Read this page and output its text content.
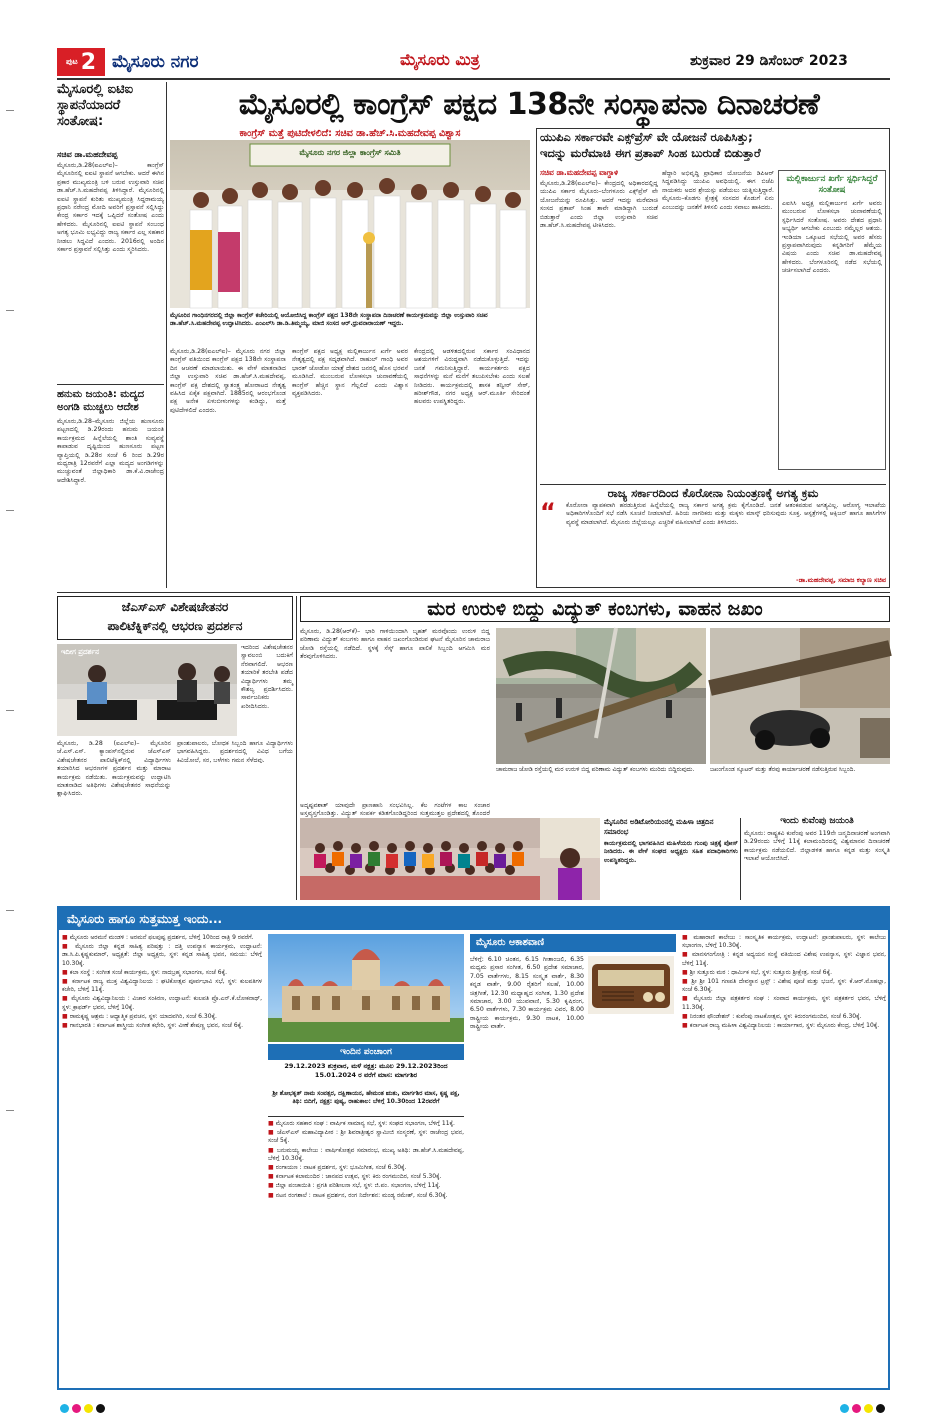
ಪುಟ 2 ಮೈಸೂರು ನಗರ	ಮೈಸೂರು ಮಿತ್ರ	ಶುಕ್ರವಾರ 29 ಡಿಸೆಂಬರ್ 2023
ಮೈಸೂರಲ್ಲಿ ಐಟಿಐ ಸ್ಥಾಪನೆಯಾದರೆ ಸಂತೋಷ:
ಸಚಿವ ಡಾ.ಮಹದೇವಪ್ಪ
ಮೈಸೂರು,ಡಿ.28(ಐಎಲ್‌ಐ)– ಕಾಂಗ್ರೆಸ್ ಮೈಸೂರಿನಲ್ಲಿ ಐಐಟಿ ಸ್ಥಾಪನೆ ಆಗಬೇಕು. ಆದರೆ ಈಗಿನ ಪ್ರಕಾರ ಮುಖ್ಯಮಂತ್ರಿ ಬಳಿ ಬರುವ ಉಸ್ತುವಾರಿ ಸಚಿವ ಡಾ.ಹೆಚ್.ಸಿ.ಮಹದೇವಪ್ಪ ತಿಳಿಸಿದ್ದಾರೆ. ಮೈಸೂರಿನಲ್ಲಿ ಐಐಟಿ ಸ್ಥಾಪನೆ ಕುರಿತು ಮುಖ್ಯಮಂತ್ರಿ ಸಿದ್ದರಾಮಯ್ಯ ಪ್ರಧಾನಿ ನರೇಂದ್ರ ಮೋದಿ ಅವರಿಗೆ ಪ್ರಸ್ತಾವನೆ ಸಲ್ಲಿಸಿದ್ದು ಕೇಂದ್ರ ಸರ್ಕಾರ ಇದಕ್ಕೆ ಒಪ್ಪಿದರೆ ಸಂತೋಷ ಎಂದು ಹೇಳಿದರು. ಮೈಸೂರಿನಲ್ಲಿ ಐಐಟಿ ಸ್ಥಾಪನೆ ಸಂಬಂಧ ಅಗತ್ಯ ಭೂಮಿ ಲಭ್ಯವಿದ್ದು ರಾಜ್ಯ ಸರ್ಕಾರ ಎಲ್ಲ ಸಹಕಾರ ನೀಡಲು ಸಿದ್ಧವಿದೆ ಎಂದರು. 2016ರಲ್ಲಿ ಅಂದಿನ ಸರ್ಕಾರ ಪ್ರಸ್ತಾವನೆ ಸಲ್ಲಿಸಿತ್ತು ಎಂದು ಸ್ಮರಿಸಿದರು.
ಹನುಮ ಜಯಂತಿ: ಮದ್ಯದ ಅಂಗಡಿ ಮುಚ್ಚಲು ಆದೇಶ
ಮೈಸೂರು,ಡಿ.28–ಮೈಸೂರು ಜಿಲ್ಲೆಯ ಹುಣಸೂರು ಪಟ್ಟಣದಲ್ಲಿ ಡಿ.29ರಂದು ಹನುಮ ಜಯಂತಿ ಕಾರ್ಯಕ್ರಮದ ಹಿನ್ನೆಲೆಯಲ್ಲಿ ಶಾಂತಿ ಸುವ್ಯವಸ್ಥೆ ಕಾಪಾಡುವ ದೃಷ್ಟಿಯಿಂದ ಹುಣಸೂರು ಪಟ್ಟಣ ವ್ಯಾಪ್ತಿಯಲ್ಲಿ ಡಿ.28ರ ಸಂಜೆ 6 ರಿಂದ ಡಿ.29ರ ಮಧ್ಯರಾತ್ರಿ 12ರವರೆಗೆ ಎಲ್ಲಾ ಮದ್ಯದ ಅಂಗಡಿಗಳನ್ನು ಮುಚ್ಚುವಂತೆ ಜಿಲ್ಲಾಧಿಕಾರಿ ಡಾ.ಕೆ.ವಿ.ರಾಜೇಂದ್ರ ಆದೇಶಿಸಿದ್ದಾರೆ.
ಮೈಸೂರಲ್ಲಿ ಕಾಂಗ್ರೆಸ್ ಪಕ್ಷದ 138ನೇ ಸಂಸ್ಥಾಪನಾ ದಿನಾಚರಣೆ
ಕಾಂಗ್ರೆಸ್ ಮತ್ತೆ ಪುಟಿದೇಳಲಿದೆ: ಸಚಿವ ಡಾ.ಹೆಚ್.ಸಿ.ಮಹದೇವಪ್ಪ ವಿಶ್ವಾಸ
ಮೈಸೂರು ನಗರ ಜಿಲ್ಲಾ ಕಾಂಗ್ರೆಸ್ ಸಮಿತಿ
ಮೈಸೂರಿನ ಗಾಂಧಿನಗರದಲ್ಲಿ ಜಿಲ್ಲಾ ಕಾಂಗ್ರೆಸ್ ಕಚೇರಿಯಲ್ಲಿ ಆಯೋಜಿಸಿದ್ದ ಕಾಂಗ್ರೆಸ್ ಪಕ್ಷದ 138ನೇ ಸಂಸ್ಥಾಪನಾ ದಿನಾಚರಣೆ ಕಾರ್ಯಕ್ರಮವನ್ನು ಜಿಲ್ಲಾ ಉಸ್ತುವಾರಿ ಸಚಿವ ಡಾ.ಹೆಚ್.ಸಿ.ಮಹದೇವಪ್ಪ ಉದ್ಘಾಟಿಸಿದರು. ಎಂಎಲ್‌ಸಿ ಡಾ.ಡಿ.ತಿಮ್ಮಯ್ಯ, ಮಾಜಿ ಸಂಸದ ಆರ್.ಧ್ರುವನಾರಾಯಣ್ ಇದ್ದರು.
ಮೈಸೂರು,ಡಿ.28(ಐಎಲ್‌ಐ)– ಮೈಸೂರು ನಗರ ಜಿಲ್ಲಾ ಕಾಂಗ್ರೆಸ್ ವತಿಯಿಂದ ಕಾಂಗ್ರೆಸ್ ಪಕ್ಷದ 138ನೇ ಸಂಸ್ಥಾಪನಾ ದಿನ ಆಚರಣೆ ಮಾಡಲಾಯಿತು. ಈ ವೇಳೆ ಮಾತನಾಡಿದ ಜಿಲ್ಲಾ ಉಸ್ತುವಾರಿ ಸಚಿವ ಡಾ.ಹೆಚ್.ಸಿ.ಮಹದೇವಪ್ಪ, ಕಾಂಗ್ರೆಸ್ ಪಕ್ಷ ದೇಶದಲ್ಲಿ ಸ್ವಾತಂತ್ರ್ಯ ಹೋರಾಟದ ನೇತೃತ್ವ ವಹಿಸಿದ ಏಕೈಕ ಪಕ್ಷವಾಗಿದೆ. 1885ರಲ್ಲಿ ಆರಂಭಗೊಂಡ ಪಕ್ಷ ಅನೇಕ ಏಳುಬೀಳುಗಳನ್ನು ಕಂಡಿದ್ದು, ಮತ್ತೆ ಪುಟಿದೇಳಲಿದೆ ಎಂದರು.
ಕಾಂಗ್ರೆಸ್ ಪಕ್ಷದ ಅಧ್ಯಕ್ಷ ಮಲ್ಲಿಕಾರ್ಜುನ ಖರ್ಗೆ ಅವರ ನೇತೃತ್ವದಲ್ಲಿ ಪಕ್ಷ ಸದೃಢವಾಗಿದೆ. ರಾಹುಲ್ ಗಾಂಧಿ ಅವರ ಭಾರತ್ ಜೋಡೋ ಯಾತ್ರೆ ದೇಶದ ಜನರಲ್ಲಿ ಹೊಸ ಭರವಸೆ ಮೂಡಿಸಿದೆ. ಮುಂಬರುವ ಲೋಕಸಭಾ ಚುನಾವಣೆಯಲ್ಲಿ ಕಾಂಗ್ರೆಸ್ ಹೆಚ್ಚಿನ ಸ್ಥಾನ ಗೆಲ್ಲಲಿದೆ ಎಂದು ವಿಶ್ವಾಸ ವ್ಯಕ್ತಪಡಿಸಿದರು.
ಕೇಂದ್ರದಲ್ಲಿ ಆಡಳಿತದಲ್ಲಿರುವ ಸರ್ಕಾರ ಸಂವಿಧಾನದ ಆಶಯಗಳಿಗೆ ವಿರುದ್ಧವಾಗಿ ನಡೆದುಕೊಳ್ಳುತ್ತಿದೆ. ಇದನ್ನು ಜನತೆ ಗಮನಿಸುತ್ತಿದ್ದಾರೆ. ಕಾರ್ಯಕರ್ತರು ಪಕ್ಷದ ಸಾಧನೆಗಳನ್ನು ಮನೆ ಮನೆಗೆ ತಲುಪಿಸಬೇಕು ಎಂದು ಸಲಹೆ ನೀಡಿದರು. ಕಾರ್ಯಕ್ರಮದಲ್ಲಿ ಶಾಸಕ ತನ್ವೀರ್ ಸೇಠ್, ಹರೀಶ್‌ಗೌಡ, ನಗರ ಅಧ್ಯಕ್ಷ ಆರ್.ಮೂರ್ತಿ ಸೇರಿದಂತೆ ಹಲವರು ಉಪಸ್ಥಿತರಿದ್ದರು.
ಯುಪಿಎ ಸರ್ಕಾರವೇ ಎಕ್ಸ್‌ಪ್ರೆಸ್ ವೇ ಯೋಜನೆ ರೂಪಿಸಿತ್ತು;
ಇದನ್ನು ಮರೆಮಾಚಿ ಈಗ ಪ್ರತಾಪ್ ಸಿಂಹ ಬುರುಡೆ ಬಿಡುತ್ತಾರೆ
ಸಚಿವ ಡಾ.ಮಹದೇವಪ್ಪ ವಾಗ್ದಾಳಿ
ಮೈಸೂರು,ಡಿ.28(ಐಎಲ್‌ಐ)– ಕೇಂದ್ರದಲ್ಲಿ ಅಧಿಕಾರದಲ್ಲಿದ್ದ ಯುಪಿಎ ಸರ್ಕಾರ ಮೈಸೂರು–ಬೆಂಗಳೂರು ಎಕ್ಸ್‌ಪ್ರೆಸ್ ವೇ ಯೋಜನೆಯನ್ನು ರೂಪಿಸಿತ್ತು. ಆದರೆ ಇದನ್ನು ಮರೆಮಾಚಿ ಸಂಸದ ಪ್ರತಾಪ್ ಸಿಂಹ ತಾವೇ ಮಾಡಿದ್ದಾಗಿ ಬುರುಡೆ ಬಿಡುತ್ತಾರೆ ಎಂದು ಜಿಲ್ಲಾ ಉಸ್ತುವಾರಿ ಸಚಿವ ಡಾ.ಹೆಚ್.ಸಿ.ಮಹದೇವಪ್ಪ ಟೀಕಿಸಿದರು.
ಹೆದ್ದಾರಿ ಅಭಿವೃದ್ಧಿ ಪ್ರಾಧಿಕಾರ ಯೋಜನೆಯ ಡಿಪಿಆರ್ ಸಿದ್ಧಪಡಿಸಿದ್ದು ಯುಪಿಎ ಅವಧಿಯಲ್ಲಿ. ಈಗ ಬಿಜೆಪಿ ನಾಯಕರು ಅದರ ಶ್ರೇಯಸ್ಸು ಪಡೆಯಲು ಯತ್ನಿಸುತ್ತಿದ್ದಾರೆ. ಮೈಸೂರು–ಕೊಡಗು ಕ್ಷೇತ್ರಕ್ಕೆ ಸಂಸದರ ಕೊಡುಗೆ ಏನು ಎಂಬುದನ್ನು ಜನತೆಗೆ ತಿಳಿಸಲಿ ಎಂದು ಸವಾಲು ಹಾಕಿದರು.
ಮಲ್ಲಿಕಾರ್ಜುನ ಖರ್ಗೆ ಸ್ಪರ್ಧಿಸಿದ್ದರೆ ಸಂತೋಷ
ಎಐಸಿಸಿ ಅಧ್ಯಕ್ಷ ಮಲ್ಲಿಕಾರ್ಜುನ ಖರ್ಗೆ ಅವರು ಮುಂಬರುವ ಲೋಕಸಭಾ ಚುನಾವಣೆಯಲ್ಲಿ ಸ್ಪರ್ಧಿಸಿದರೆ ಸಂತೋಷ. ಅವರು ದೇಶದ ಪ್ರಧಾನಿ ಅಭ್ಯರ್ಥಿ ಆಗಬೇಕು ಎಂಬುದು ನಮ್ಮೆಲ್ಲರ ಆಶಯ. ಇಂಡಿಯಾ ಒಕ್ಕೂಟದ ಸಭೆಯಲ್ಲಿ ಅವರ ಹೆಸರು ಪ್ರಸ್ತಾಪವಾಗಿರುವುದು ಕನ್ನಡಿಗರಿಗೆ ಹೆಮ್ಮೆಯ ವಿಷಯ ಎಂದು ಸಚಿವ ಡಾ.ಮಹದೇವಪ್ಪ ಹೇಳಿದರು. ಬೆಂಗಳೂರಿನಲ್ಲಿ ನಡೆದ ಸಭೆಯಲ್ಲಿ ಚರ್ಚಿಸಲಾಗಿದೆ ಎಂದರು.
ರಾಜ್ಯ ಸರ್ಕಾರದಿಂದ ಕೊರೋನಾ ನಿಯಂತ್ರಣಕ್ಕೆ ಅಗತ್ಯ ಕ್ರಮ
“	ಕೊರೋನಾ ವ್ಯಾಪಕವಾಗಿ ಹರಡುತ್ತಿರುವ ಹಿನ್ನೆಲೆಯಲ್ಲಿ ರಾಜ್ಯ ಸರ್ಕಾರ ಅಗತ್ಯ ಕ್ರಮ ಕೈಗೊಂಡಿದೆ. ಜನತೆ ಆತಂಕಪಡುವ ಅಗತ್ಯವಿಲ್ಲ. ಆರೋಗ್ಯ ಇಲಾಖೆಯ ಅಧಿಕಾರಿಗಳೊಂದಿಗೆ ಸಭೆ ನಡೆಸಿ ಸೂಚನೆ ನೀಡಲಾಗಿದೆ. ಹಿರಿಯ ನಾಗರಿಕರು ಮತ್ತು ಮಕ್ಕಳು ಮಾಸ್ಕ್ ಧರಿಸುವುದು ಸೂಕ್ತ. ಆಸ್ಪತ್ರೆಗಳಲ್ಲಿ ಆಕ್ಸಿಜನ್ ಹಾಗೂ ಹಾಸಿಗೆಗಳ ವ್ಯವಸ್ಥೆ ಮಾಡಲಾಗಿದೆ. ಮೈಸೂರು ಜಿಲ್ಲೆಯಲ್ಲೂ ಎಚ್ಚರಿಕೆ ವಹಿಸಲಾಗಿದೆ ಎಂದು ತಿಳಿಸಿದರು.
-ಡಾ.ಮಹದೇವಪ್ಪ, ಸಮಾಜ ಕಲ್ಯಾಣ ಸಚಿವ
ಜೆಎಸ್‌ಎಸ್ ವಿಶೇಷಚೇತನರ
ಪಾಲಿಟೆಕ್ನಿಕ್‌ನಲ್ಲಿ ಆಭರಣ ಪ್ರದರ್ಶನ
ಇದೀಗ ಪ್ರದರ್ಶನ
ಇದರಿಂದ ವಿಶೇಷಚೇತನರ ಸ್ವಾವಲಂಬಿ ಬದುಕಿಗೆ ನೆರವಾಗಲಿದೆ. ಆಭರಣ ತಯಾರಿಕೆ ತರಬೇತಿ ಪಡೆದ ವಿದ್ಯಾರ್ಥಿಗಳು ತಮ್ಮ ಕೌಶಲ್ಯ ಪ್ರದರ್ಶಿಸಿದರು. ಸಾರ್ವಜನಿಕರು ಖರೀದಿಸಿದರು.
ಮೈಸೂರು, ಡಿ.28 (ಐಎಲ್‌ಐ)– ಮೈಸೂರಿನ ಜೆ.ಎಸ್.ಎಸ್. ಕ್ಯಾಂಪಸ್‌ನಲ್ಲಿರುವ ಜೆಎಸ್‌ಎಸ್ ವಿಶೇಷಚೇತನರ ಪಾಲಿಟೆಕ್ನಿಕ್‌ನಲ್ಲಿ ವಿದ್ಯಾರ್ಥಿಗಳು ತಯಾರಿಸಿದ ಆಭರಣಗಳ ಪ್ರದರ್ಶನ ಮತ್ತು ಮಾರಾಟ ಕಾರ್ಯಕ್ರಮ ನಡೆಯಿತು. ಕಾರ್ಯಕ್ರಮವನ್ನು ಉದ್ಘಾಟಿಸಿ ಮಾತನಾಡಿದ ಅತಿಥಿಗಳು ವಿಶೇಷಚೇತನರ ಸಾಧನೆಯನ್ನು ಶ್ಲಾಘಿಸಿದರು.
ಪ್ರಾಂಶುಪಾಲರು, ಬೋಧಕ ಸಿಬ್ಬಂದಿ ಹಾಗೂ ವಿದ್ಯಾರ್ಥಿಗಳು ಭಾಗವಹಿಸಿದ್ದರು. ಪ್ರದರ್ಶನದಲ್ಲಿ ವಿವಿಧ ಬಗೆಯ ಕಿವಿಯೋಲೆ, ಸರ, ಬಳೆಗಳು ಗಮನ ಸೆಳೆದವು.
ಮರ ಉರುಳಿ ಬಿದ್ದು ವಿದ್ಯುತ್ ಕಂಬಗಳು, ವಾಹನ ಜಖಂ
ಮೈಸೂರು, ಡಿ.28(ಆರ್‌ಕೆ)– ಭಾರಿ ಗಾಳಿಯಿಂದಾಗಿ ಬೃಹತ್ ಮರವೊಂದು ಉರುಳಿ ಬಿದ್ದ ಪರಿಣಾಮ ವಿದ್ಯುತ್ ಕಂಬಗಳು ಹಾಗೂ ವಾಹನ ಜಖಂಗೊಂಡಿರುವ ಘಟನೆ ಮೈಸೂರಿನ ಚಾಮರಾಜ ಜೋಡಿ ರಸ್ತೆಯಲ್ಲಿ ನಡೆದಿದೆ. ಸ್ಥಳಕ್ಕೆ ಸೆಸ್ಕ್ ಹಾಗೂ ಪಾಲಿಕೆ ಸಿಬ್ಬಂದಿ ಆಗಮಿಸಿ ಮರ ತೆರವುಗೊಳಿಸಿದರು.
ಚಾಮರಾಜ ಜೋಡಿ ರಸ್ತೆಯಲ್ಲಿ ಮರ ಉರುಳಿ ಬಿದ್ದ ಪರಿಣಾಮ ವಿದ್ಯುತ್ ಕಂಬಗಳು ಮುರಿದು ಬಿದ್ದಿರುವುದು.	ಜಖಂಗೊಂಡ ಸ್ಕೂಟರ್ ಮತ್ತು ತೆರವು ಕಾರ್ಯಾಚರಣೆ ನಡೆಸುತ್ತಿರುವ ಸಿಬ್ಬಂದಿ.
ಅದೃಷ್ಟವಶಾತ್ ಯಾವುದೇ ಪ್ರಾಣಹಾನಿ ಸಂಭವಿಸಿಲ್ಲ. ಕೆಲ ಗಂಟೆಗಳ ಕಾಲ ಸಂಚಾರ ಅಸ್ತವ್ಯಸ್ತಗೊಂಡಿತ್ತು. ವಿದ್ಯುತ್ ಸಂಪರ್ಕ ಕಡಿತಗೊಂಡಿದ್ದರಿಂದ ಸುತ್ತಮುತ್ತಲ ಪ್ರದೇಶದಲ್ಲಿ ತೊಂದರೆ
ಮೈಸೂರಿನ ಅಡಿಟೋರಿಯಂನಲ್ಲಿ ಮಹಿಳಾ ಚಿತ್ರದಿನ ಸಮಾರಂಭ
ಕಾರ್ಯಕ್ರಮದಲ್ಲಿ ಭಾಗವಹಿಸಿದ ಮಹಿಳೆಯರು ಗುಂಪು ಚಿತ್ರಕ್ಕೆ ಪೋಸ್ ನೀಡಿದರು. ಈ ವೇಳೆ ಸಂಘದ ಅಧ್ಯಕ್ಷರು ಸಹಿತ ಪದಾಧಿಕಾರಿಗಳು ಉಪಸ್ಥಿತರಿದ್ದರು.
ಇಂದು ಕುವೆಂಪು ಜಯಂತಿ
ಮೈಸೂರು: ರಾಷ್ಟ್ರಕವಿ ಕುವೆಂಪು ಅವರ 119ನೇ ಜನ್ಮದಿನಾಚರಣೆ ಅಂಗವಾಗಿ ಡಿ.29ರಂದು ಬೆಳಿಗ್ಗೆ 11ಕ್ಕೆ ಕಲಾಮಂದಿರದಲ್ಲಿ ವಿಶ್ವಮಾನವ ದಿನಾಚರಣೆ ಕಾರ್ಯಕ್ರಮ ನಡೆಯಲಿದೆ. ಜಿಲ್ಲಾಡಳಿತ ಹಾಗೂ ಕನ್ನಡ ಮತ್ತು ಸಂಸ್ಕೃತಿ ಇಲಾಖೆ ಆಯೋಜಿಸಿದೆ.
ಮೈಸೂರು ಹಾಗೂ ಸುತ್ತಮುತ್ತ ಇಂದು...
■ ಮೈಸೂರು ಅರಮನೆ ಮಂಡಳಿ : ಅರಮನೆ ಫಲಪುಷ್ಪ ಪ್ರದರ್ಶನ, ಬೆಳಿಗ್ಗೆ 10ರಿಂದ ರಾತ್ರಿ 9 ರವರೆಗೆ.
■ ಮೈಸೂರು ಜಿಲ್ಲಾ ಕನ್ನಡ ಸಾಹಿತ್ಯ ಪರಿಷತ್ತು : ದತ್ತಿ ಉಪನ್ಯಾಸ ಕಾರ್ಯಕ್ರಮ, ಉದ್ಘಾಟನೆ: ಡಾ.ಸಿ.ಪಿ.ಕೃಷ್ಣಕುಮಾರ್, ಅಧ್ಯಕ್ಷತೆ: ಜಿಲ್ಲಾ ಅಧ್ಯಕ್ಷರು, ಸ್ಥಳ: ಕನ್ನಡ ಸಾಹಿತ್ಯ ಭವನ, ಸಮಯ: ಬೆಳಿಗ್ಗೆ 10.30ಕ್ಕೆ.
■ ಕಲಾ ಸಂಸ್ಥೆ : ಸಂಗೀತ ಸಂಜೆ ಕಾರ್ಯಕ್ರಮ, ಸ್ಥಳ: ನಾದಬ್ರಹ್ಮ ಸಭಾಂಗಣ, ಸಂಜೆ 6ಕ್ಕೆ.
■ ಕರ್ನಾಟಕ ರಾಜ್ಯ ಮುಕ್ತ ವಿಶ್ವವಿದ್ಯಾನಿಲಯ : ಘಟಿಕೋತ್ಸವ ಪೂರ್ವಭಾವಿ ಸಭೆ, ಸ್ಥಳ: ಕುಲಪತಿಗಳ ಕಚೇರಿ, ಬೆಳಿಗ್ಗೆ 11ಕ್ಕೆ.
■ ಮೈಸೂರು ವಿಶ್ವವಿದ್ಯಾನಿಲಯ : ವಿಚಾರ ಸಂಕಿರಣ, ಉದ್ಘಾಟನೆ: ಕುಲಪತಿ ಪ್ರೊ.ಎನ್.ಕೆ.ಲೋಕನಾಥ್, ಸ್ಥಳ: ಕ್ರಾಫರ್ಡ್ ಭವನ, ಬೆಳಿಗ್ಗೆ 10ಕ್ಕೆ.
■ ರಾಮಕೃಷ್ಣ ಆಶ್ರಮ : ಆಧ್ಯಾತ್ಮಿಕ ಪ್ರವಚನ, ಸ್ಥಳ: ಯಾದವಗಿರಿ, ಸಂಜೆ 6.30ಕ್ಕೆ.
■ ಗಾನಭಾರತಿ : ಕರ್ನಾಟಕ ಶಾಸ್ತ್ರೀಯ ಸಂಗೀತ ಕಛೇರಿ, ಸ್ಥಳ: ವೀಣೆ ಶೇಷಣ್ಣ ಭವನ, ಸಂಜೆ 6ಕ್ಕೆ.
ಇಂದಿನ ಪಂಚಾಂಗ
29.12.2023 ಶುಕ್ರವಾರ, ಮಳೆ ನಕ್ಷತ್ರ: ಮೂಲ 29.12.2023ರಿಂದ 15.01.2024 ರ ವರೆಗೆ ಮಾಸ: ಮಾರ್ಗಶಿರ
ಶ್ರೀ ಶೋಭಕೃತ್ ನಾಮ ಸಂವತ್ಸರ, ದಕ್ಷಿಣಾಯನ, ಹೇಮಂತ ಋತು, ಮಾರ್ಗಶಿರ ಮಾಸ, ಕೃಷ್ಣ ಪಕ್ಷ, ತಿಥಿ: ಬಿದಿಗೆ, ನಕ್ಷತ್ರ: ಪುಷ್ಯ, ರಾಹುಕಾಲ: ಬೆಳಿಗ್ಗೆ 10.30ರಿಂದ 12ರವರೆಗೆ
■ ಮೈಸೂರು ಸಹಕಾರ ಸಂಘ : ವಾರ್ಷಿಕ ಸಾಮಾನ್ಯ ಸಭೆ, ಸ್ಥಳ: ಸಂಘದ ಸಭಾಂಗಣ, ಬೆಳಿಗ್ಗೆ 11ಕ್ಕೆ.
■ ಜೆಎಸ್‌ಎಸ್ ಮಹಾವಿದ್ಯಾಪೀಠ : ಶ್ರೀ ಶಿವರಾತ್ರೀಶ್ವರ ಸ್ವಾಮೀಜಿ ಸಂಸ್ಮರಣೆ, ಸ್ಥಳ: ರಾಜೇಂದ್ರ ಭವನ, ಸಂಜೆ 5ಕ್ಕೆ.
■ ಬನುಮಯ್ಯ ಕಾಲೇಜು : ವಾರ್ಷಿಕೋತ್ಸವ ಸಮಾರಂಭ, ಮುಖ್ಯ ಅತಿಥಿ: ಡಾ.ಹೆಚ್.ಸಿ.ಮಹದೇವಪ್ಪ, ಬೆಳಿಗ್ಗೆ 10.30ಕ್ಕೆ.
■ ರಂಗಾಯಣ : ನಾಟಕ ಪ್ರದರ್ಶನ, ಸ್ಥಳ: ಭೂಮಿಗೀತ, ಸಂಜೆ 6.30ಕ್ಕೆ.
■ ಕರ್ನಾಟಕ ಕಲಾಮಂದಿರ : ಜಾನಪದ ಉತ್ಸವ, ಸ್ಥಳ: ಕಿರು ರಂಗಮಂದಿರ, ಸಂಜೆ 5.30ಕ್ಕೆ.
■ ಜಿಲ್ಲಾ ಪಂಚಾಯಿತಿ : ಪ್ರಗತಿ ಪರಿಶೀಲನಾ ಸಭೆ, ಸ್ಥಳ: ಜಿ.ಪಂ. ಸಭಾಂಗಣ, ಬೆಳಿಗ್ಗೆ 11ಕ್ಕೆ.
■ ನಟನ ರಂಗಶಾಲೆ : ನಾಟಕ ಪ್ರದರ್ಶನ, ರಂಗ ನಿರ್ದೇಶನ: ಮಂಡ್ಯ ರಮೇಶ್, ಸಂಜೆ 6.30ಕ್ಕೆ.
ಮೈಸೂರು ಆಕಾಶವಾಣಿ
ಬೆಳಿಗ್ಗೆ: 6.10 ಚಿಂತನ, 6.15 ಗೀತಾಂಜಲಿ, 6.35 ಮಧ್ಯಮ ಪ್ರಸಾರ ಸಂಗೀತ, 6.50 ಪ್ರದೇಶ ಸಮಾಚಾರ, 7.05 ವಾರ್ತೆಗಳು, 8.15 ಸಂಸ್ಕೃತ ವಾರ್ತೆ, 8.30 ಕನ್ನಡ ವಾರ್ತೆ, 9.00 ರೈತರಿಗೆ ಸಲಹೆ, 10.00 ಚಿತ್ರಗೀತೆ, 12.30 ಮಧ್ಯಾಹ್ನದ ಸಂಗೀತ, 1.30 ಪ್ರದೇಶ ಸಮಾಚಾರ, 3.00 ಯುವವಾಣಿ, 5.30 ಕೃಷಿರಂಗ, 6.50 ವಾರ್ತೆಗಳು, 7.30 ಕಾರ್ಯಕ್ರಮ ವಿವರ, 8.00 ರಾಷ್ಟ್ರೀಯ ಕಾರ್ಯಕ್ರಮ, 9.30 ನಾಟಕ, 10.00 ರಾಷ್ಟ್ರೀಯ ವಾರ್ತೆ.
■ ಮಹಾರಾಣಿ ಕಾಲೇಜು : ಸಾಂಸ್ಕೃತಿಕ ಕಾರ್ಯಕ್ರಮ, ಉದ್ಘಾಟನೆ: ಪ್ರಾಂಶುಪಾಲರು, ಸ್ಥಳ: ಕಾಲೇಜು ಸಭಾಂಗಣ, ಬೆಳಿಗ್ಗೆ 10.30ಕ್ಕೆ.
■ ಮಾನಸಗಂಗೋತ್ರಿ : ಕನ್ನಡ ಅಧ್ಯಯನ ಸಂಸ್ಥೆ ವತಿಯಿಂದ ವಿಶೇಷ ಉಪನ್ಯಾಸ, ಸ್ಥಳ: ವಿಜ್ಞಾನ ಭವನ, ಬೆಳಿಗ್ಗೆ 11ಕ್ಕೆ.
■ ಶ್ರೀ ಸುತ್ತೂರು ಮಠ : ಧಾರ್ಮಿಕ ಸಭೆ, ಸ್ಥಳ: ಸುತ್ತೂರು ಶ್ರೀಕ್ಷೇತ್ರ, ಸಂಜೆ 6ಕ್ಕೆ.
■ ಶ್ರೀ ಶ್ರೀ 101 ಗಣಪತಿ ದೇವಸ್ಥಾನ ಟ್ರಸ್ಟ್ : ವಿಶೇಷ ಪೂಜೆ ಮತ್ತು ಭಜನೆ, ಸ್ಥಳ: ಕೆ.ಆರ್.ಮೊಹಲ್ಲಾ, ಸಂಜೆ 6.30ಕ್ಕೆ.
■ ಮೈಸೂರು ಜಿಲ್ಲಾ ಪತ್ರಕರ್ತರ ಸಂಘ : ಸಂವಾದ ಕಾರ್ಯಕ್ರಮ, ಸ್ಥಳ: ಪತ್ರಕರ್ತರ ಭವನ, ಬೆಳಿಗ್ಗೆ 11.30ಕ್ಕೆ.
■ ನಿರಂತರ ಫೌಂಡೇಶನ್ : ಕುವೆಂಪು ನಾಟಕೋತ್ಸವ, ಸ್ಥಳ: ಕಿರುರಂಗಮಂದಿರ, ಸಂಜೆ 6.30ಕ್ಕೆ.
■ ಕರ್ನಾಟಕ ರಾಜ್ಯ ಮಹಿಳಾ ವಿಶ್ವವಿದ್ಯಾನಿಲಯ : ಕಾರ್ಯಾಗಾರ, ಸ್ಥಳ: ಮೈಸೂರು ಕೇಂದ್ರ, ಬೆಳಿಗ್ಗೆ 10ಕ್ಕೆ.
